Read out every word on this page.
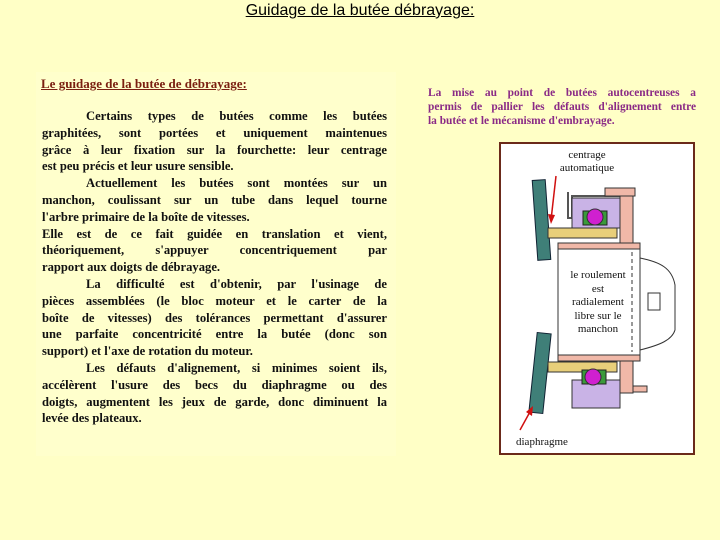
Guidage de la butée débrayage:
Le guidage de la butée de débrayage:
Certains types de butées comme les butées
graphitées, sont portées et uniquement maintenues
grâce à leur fixation sur la fourchette: leur centrage
est peu précis et leur usure sensible.
Actuellement les butées sont montées sur un
manchon, coulissant sur un tube dans lequel tourne
l'arbre primaire de la boîte de vitesses.
Elle est de ce fait guidée en translation et vient,
théoriquement, s'appuyer concentriquement par
rapport aux doigts de débrayage.
La difficulté est d'obtenir, par l'usinage de
pièces assemblées (le bloc moteur et le carter de la
boîte de vitesses) des tolérances permettant d'assurer
une parfaite concentricité entre la butée (donc son
support) et l'axe de rotation du moteur.
Les défauts d'alignement, si minimes soient ils,
accélèrent l'usure des becs du diaphragme ou des
doigts, augmentent les jeux de garde, donc diminuent la
levée des plateaux.
La mise au point de butées autocentreuses a
permis de pallier les défauts d'alignement entre
la butée et le mécanisme d'embrayage.
centrage
automatique
le roulement
est
radialement
libre sur le
manchon
diaphragme
